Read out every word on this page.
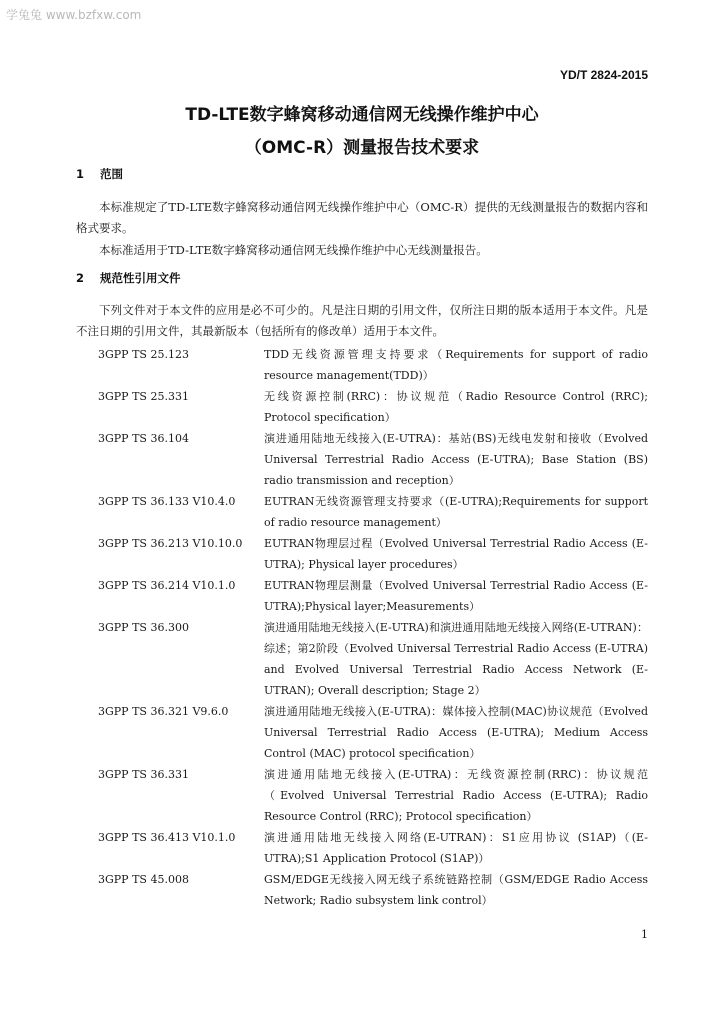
学兔兔 www.bzfxw.com
YD/T 2824-2015
TD-LTE数字蜂窝移动通信网无线操作维护中心
（OMC-R）测量报告技术要求
1 范围
本标准规定了TD-LTE数字蜂窝移动通信网无线操作维护中心（OMC-R）提供的无线测量报告的数据内容和格式要求。
本标准适用于TD-LTE数字蜂窝移动通信网无线操作维护中心无线测量报告。
2 规范性引用文件
下列文件对于本文件的应用是必不可少的。凡是注日期的引用文件，仅所注日期的版本适用于本文件。凡是不注日期的引用文件，其最新版本（包括所有的修改单）适用于本文件。
3GPP TS 25.123	TDD无线资源管理支持要求（Requirements for support of radio resource management(TDD)）
3GPP TS 25.331	无线资源控制(RRC)：协议规范（Radio Resource Control (RRC); Protocol specification）
3GPP TS 36.104	演进通用陆地无线接入(E-UTRA)：基站(BS)无线电发射和接收（Evolved Universal Terrestrial Radio Access (E-UTRA); Base Station (BS) radio transmission and reception）
3GPP TS 36.133 V10.4.0	EUTRAN无线资源管理支持要求（(E-UTRA);Requirements for support of radio resource management）
3GPP TS 36.213 V10.10.0	EUTRAN物理层过程（Evolved Universal Terrestrial Radio Access (E-UTRA); Physical layer procedures）
3GPP TS 36.214 V10.1.0	EUTRAN物理层测量（Evolved Universal Terrestrial Radio Access (E-UTRA);Physical layer;Measurements）
3GPP TS 36.300	演进通用陆地无线接入(E-UTRA)和演进通用陆地无线接入网络(E-UTRAN)：综述；第2阶段（Evolved Universal Terrestrial Radio Access (E-UTRA) and Evolved Universal Terrestrial Radio Access Network (E-UTRAN); Overall description; Stage 2）
3GPP TS 36.321 V9.6.0	演进通用陆地无线接入(E-UTRA)：媒体接入控制(MAC)协议规范（Evolved Universal Terrestrial Radio Access (E-UTRA); Medium Access Control (MAC) protocol specification）
3GPP TS 36.331	演进通用陆地无线接入(E-UTRA)：无线资源控制(RRC)：协议规范（Evolved Universal Terrestrial Radio Access (E-UTRA); Radio Resource Control (RRC); Protocol specification）
3GPP TS 36.413 V10.1.0	演进通用陆地无线接入网络(E-UTRAN)：S1应用协议 (S1AP)（(E-UTRA);S1 Application Protocol (S1AP)）
3GPP TS 45.008	GSM/EDGE无线接入网无线子系统链路控制（GSM/EDGE Radio Access Network; Radio subsystem link control）
1
